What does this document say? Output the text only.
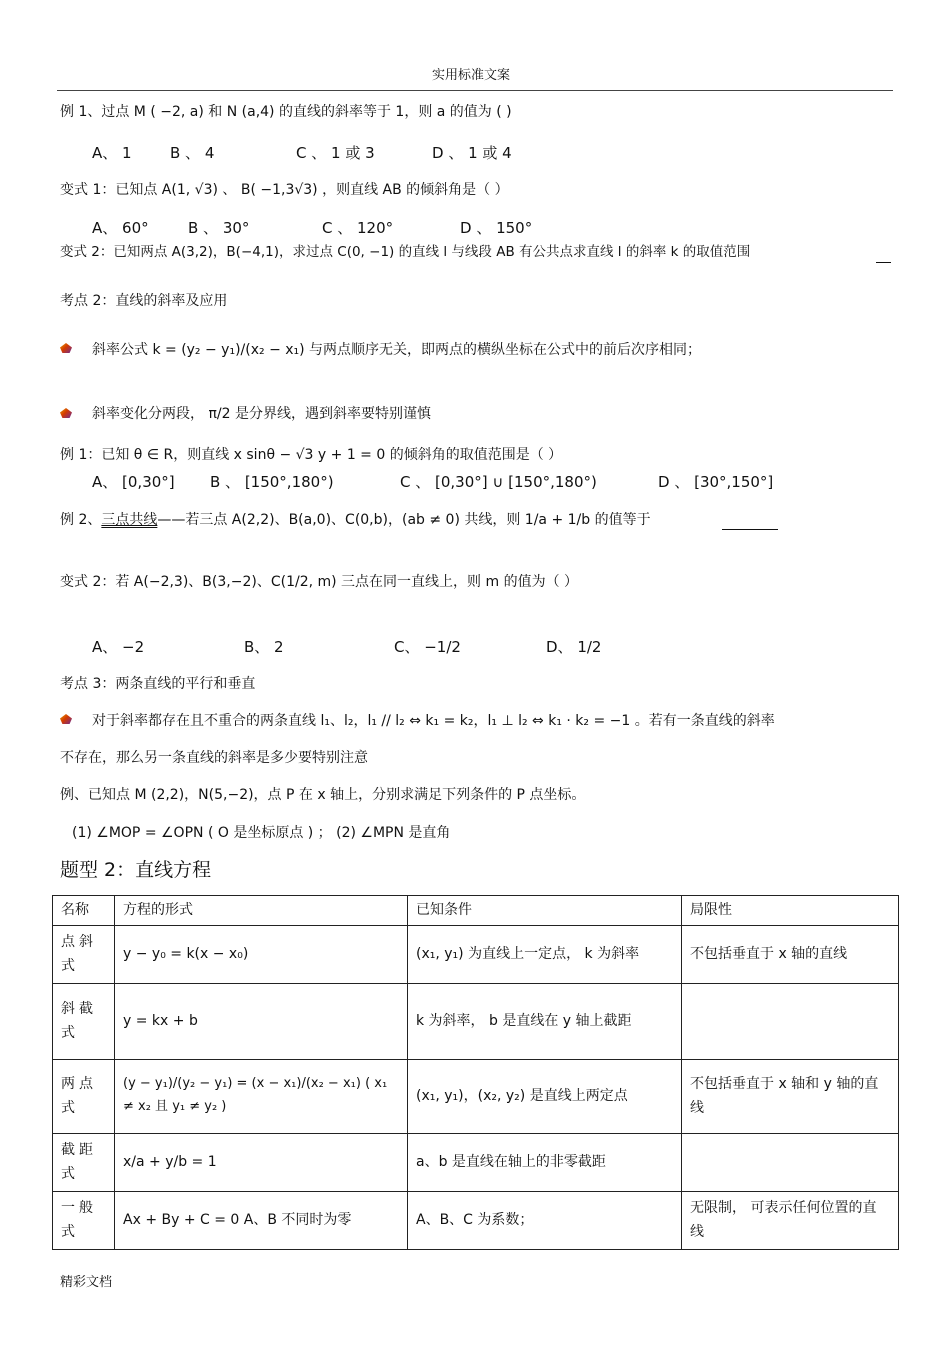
实用标准文案
例 1、过点 M ( −2, a) 和 N (a,4) 的直线的斜率等于 1，则 a 的值为 ( )
A、 1	B 、 4	C 、 1 或 3	D 、 1 或 4
变式 1：已知点 A(1, √3) 、 B( −1,3√3) ，则直线 AB 的倾斜角是（ ）
A、 60°	B 、 30°	C 、 120°	D 、 150°
变式 2：已知两点 A(3,2)，B(−4,1)，求过点 C(0, −1) 的直线 l 与线段 AB 有公共点求直线 l 的斜率 k 的取值范围
考点 2：直线的斜率及应用
斜率公式 k = (y₂ − y₁)/(x₂ − x₁) 与两点顺序无关，即两点的横纵坐标在公式中的前后次序相同；
斜率变化分两段， π/2 是分界线，遇到斜率要特别谨慎
例 1：已知 θ ∈ R，则直线 x sinθ − √3 y + 1 = 0 的倾斜角的取值范围是（ ）
A、 [0,30°] B 、 [150°,180°)	C 、 [0,30°] ∪ [150°,180°)	D 、 [30°,150°]
例 2、三点共线——若三点 A(2,2)、B(a,0)、C(0,b)，(ab ≠ 0) 共线，则 1/a + 1/b 的值等于
变式 2：若 A(−2,3)、B(3,−2)、C(1/2, m) 三点在同一直线上，则 m 的值为（ ）
A、 −2	B、 2	C、 −1/2	D、 1/2
考点 3：两条直线的平行和垂直
对于斜率都存在且不重合的两条直线 l₁、l₂，l₁ // l₂ ⇔ k₁ = k₂，l₁ ⊥ l₂ ⇔ k₁ · k₂ = −1 。若有一条直线的斜率
不存在，那么另一条直线的斜率是多少要特别注意
例、已知点 M (2,2)，N(5,−2)，点 P 在 x 轴上，分别求满足下列条件的 P 点坐标。
(1) ∠MOP = ∠OPN ( O 是坐标原点 ) ； (2) ∠MPN 是直角
题型 2：直线方程
名称	方程的形式	已知条件	局限性
点斜式	y − y₀ = k(x − x₀)	(x₁, y₁) 为直线上一定点， k 为斜率	不包括垂直于 x 轴的直线
斜截式	y = kx + b	k 为斜率， b 是直线在 y 轴上截距	
两点式	(y − y₁)/(y₂ − y₁) = (x − x₁)/(x₂ − x₁) ( x₁ ≠ x₂ 且 y₁ ≠ y₂ )	(x₁, y₁)，(x₂, y₂) 是直线上两定点	不包括垂直于 x 轴和 y 轴的直线
截距式	x/a + y/b = 1	a、b 是直线在轴上的非零截距	
一般式	Ax + By + C = 0 A、B 不同时为零	A、B、C 为系数；	无限制， 可表示任何位置的直线
精彩文档
